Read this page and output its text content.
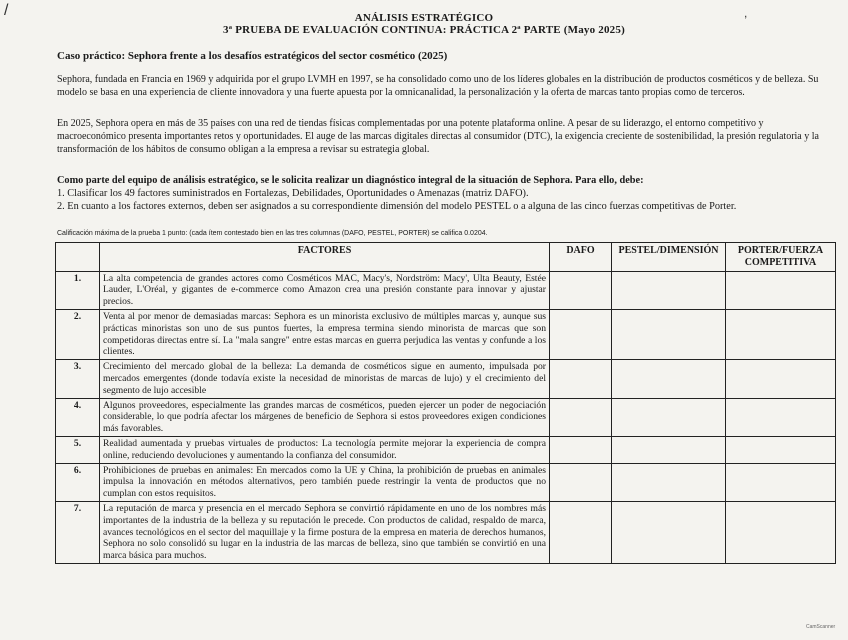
/	,
ANÁLISIS ESTRATÉGICO
3ª PRUEBA DE EVALUACIÓN CONTINUA: PRÁCTICA 2ª PARTE (Mayo 2025)
Caso práctico: Sephora frente a los desafíos estratégicos del sector cosmético (2025)
Sephora, fundada en Francia en 1969 y adquirida por el grupo LVMH en 1997, se ha consolidado como uno de los líderes globales en la distribución de productos cosméticos y de belleza. Su modelo se basa en una experiencia de cliente innovadora y una fuerte apuesta por la omnicanalidad, la personalización y la oferta de marcas tanto propias como de terceros.
En 2025, Sephora opera en más de 35 países con una red de tiendas físicas complementadas por una potente plataforma online. A pesar de su liderazgo, el entorno competitivo y macroeconómico presenta importantes retos y oportunidades. El auge de las marcas digitales directas al consumidor (DTC), la exigencia creciente de sostenibilidad, la presión regulatoria y la transformación de los hábitos de consumo obligan a la empresa a revisar su estrategia global.
Como parte del equipo de análisis estratégico, se le solicita realizar un diagnóstico integral de la situación de Sephora. Para ello, debe:
1. Clasificar los 49 factores suministrados en Fortalezas, Debilidades, Oportunidades o Amenazas (matriz DAFO).
2. En cuanto a los factores externos, deben ser asignados a su correspondiente dimensión del modelo PESTEL o a alguna de las cinco fuerzas competitivas de Porter.
Calificación máxima de la prueba 1 punto: (cada ítem contestado bien en las tres columnas (DAFO, PESTEL, PORTER) se califica 0.0204.
	FACTORES	DAFO	PESTEL/DIMENSIÓN	PORTER/FUERZA COMPETITIVA
1.	La alta competencia de grandes actores como Cosméticos MAC, Macy's, Nordström: Macy', Ulta Beauty, Estée Lauder, L'Oréal, y gigantes de e-commerce como Amazon crea una presión constante para innovar y ajustar precios.			
2.	Venta al por menor de demasiadas marcas: Sephora es un minorista exclusivo de múltiples marcas y, aunque sus prácticas minoristas son uno de sus puntos fuertes, la empresa termina siendo minorista de marcas que son competidoras directas entre sí. La "mala sangre" entre estas marcas en guerra perjudica las ventas y confunde a los clientes.			
3.	Crecimiento del mercado global de la belleza: La demanda de cosméticos sigue en aumento, impulsada por mercados emergentes (donde todavía existe la necesidad de minoristas de marcas de lujo) y el crecimiento del segmento de lujo accesible			
4.	Algunos proveedores, especialmente las grandes marcas de cosméticos, pueden ejercer un poder de negociación considerable, lo que podría afectar los márgenes de beneficio de Sephora si estos proveedores exigen condiciones más favorables.			
5.	Realidad aumentada y pruebas virtuales de productos: La tecnología permite mejorar la experiencia de compra online, reduciendo devoluciones y aumentando la confianza del consumidor.			
6.	Prohibiciones de pruebas en animales: En mercados como la UE y China, la prohibición de pruebas en animales impulsa la innovación en métodos alternativos, pero también puede restringir la venta de productos que no cumplan con estos requisitos.			
7.	La reputación de marca y presencia en el mercado Sephora se convirtió rápidamente en uno de los nombres más importantes de la industria de la belleza y su reputación le precede. Con productos de calidad, respaldo de marca, avances tecnológicos en el sector del maquillaje y la firme postura de la empresa en materia de derechos humanos, Sephora no solo consolidó su lugar en la industria de las marcas de belleza, sino que también se convirtió en una marca básica para muchos.			
CamScanner
